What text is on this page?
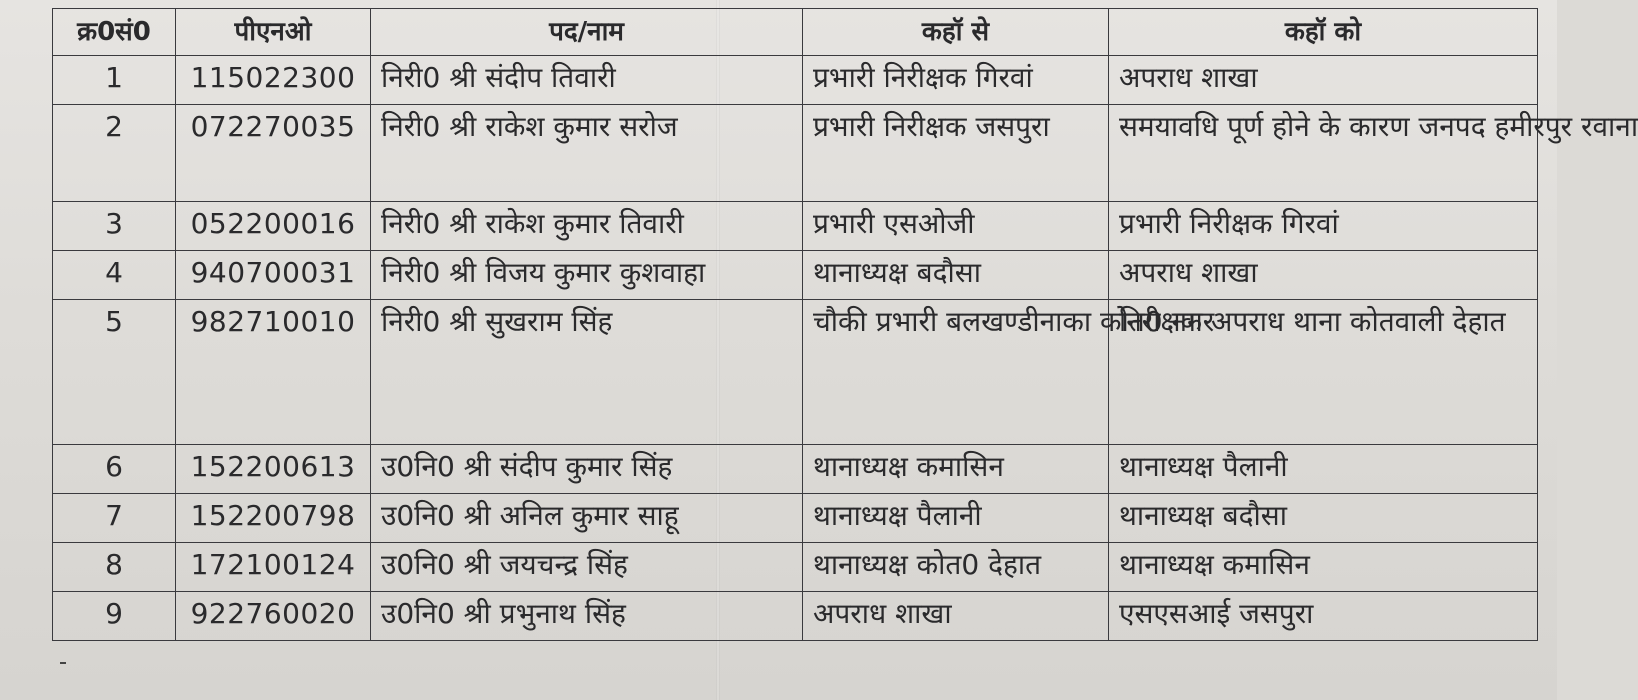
क्र0सं0	पीएनओ	पद/नाम	कहॉ से	कहॉ को
1	115022300	निरी0 श्री संदीप तिवारी	प्रभारी निरीक्षक गिरवां	अपराध शाखा
2	072270035	निरी0 श्री राकेश कुमार सरोज	प्रभारी निरीक्षक जसपुरा	समयावधि पूर्ण होने के कारण जनपद हमीरपुर रवाना
3	052200016	निरी0 श्री राकेश कुमार तिवारी	प्रभारी एसओजी	प्रभारी निरीक्षक गिरवां
4	940700031	निरी0 श्री विजय कुमार कुशवाहा	थानाध्यक्ष बदौसा	अपराध शाखा
5	982710010	निरी0 श्री सुखराम सिंह	चौकी प्रभारी बलखण्डीनाका कोत0 नगर	निरीक्षक अपराध थाना कोतवाली देहात
6	152200613	उ0नि0 श्री संदीप कुमार सिंह	थानाध्यक्ष कमासिन	थानाध्यक्ष पैलानी
7	152200798	उ0नि0 श्री अनिल कुमार साहू	थानाध्यक्ष पैलानी	थानाध्यक्ष बदौसा
8	172100124	उ0नि0 श्री जयचन्द्र सिंह	थानाध्यक्ष कोत0 देहात	थानाध्यक्ष कमासिन
9	922760020	उ0नि0 श्री प्रभुनाथ सिंह	अपराध शाखा	एसएसआई जसपुरा
